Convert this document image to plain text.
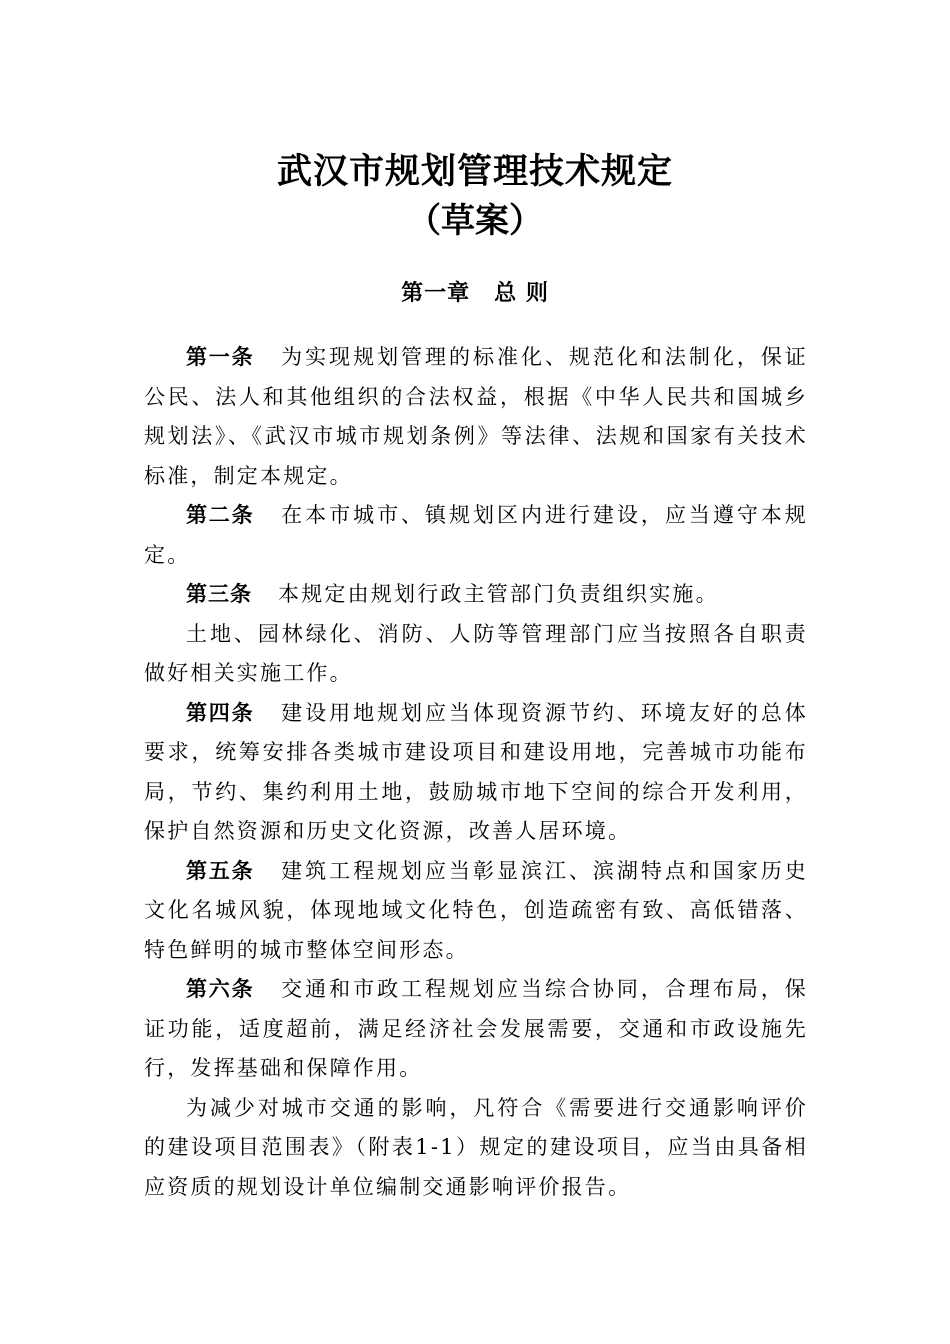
武汉市规划管理技术规定
（草案）
第一章 总 则

第一条 为实现规划管理的标准化、规范化和法制化，保证公民、法人和其他组织的合法权益，根据《中华人民共和国城乡规划法》、《武汉市城市规划条例》等法律、法规和国家有关技术标准，制定本规定。

第二条 在本市城市、镇规划区内进行建设，应当遵守本规定。

第三条 本规定由规划行政主管部门负责组织实施。

土地、园林绿化、消防、人防等管理部门应当按照各自职责做好相关实施工作。

第四条 建设用地规划应当体现资源节约、环境友好的总体要求，统筹安排各类城市建设项目和建设用地，完善城市功能布局，节约、集约利用土地，鼓励城市地下空间的综合开发利用，保护自然资源和历史文化资源，改善人居环境。

第五条 建筑工程规划应当彰显滨江、滨湖特点和国家历史文化名城风貌，体现地域文化特色，创造疏密有致、高低错落、特色鲜明的城市整体空间形态。

第六条 交通和市政工程规划应当综合协同，合理布局，保证功能，适度超前，满足经济社会发展需要，交通和市政设施先行，发挥基础和保障作用。

为减少对城市交通的影响，凡符合《需要进行交通影响评价的建设项目范围表》（附表1-1）规定的建设项目，应当由具备相应资质的规划设计单位编制交通影响评价报告。
